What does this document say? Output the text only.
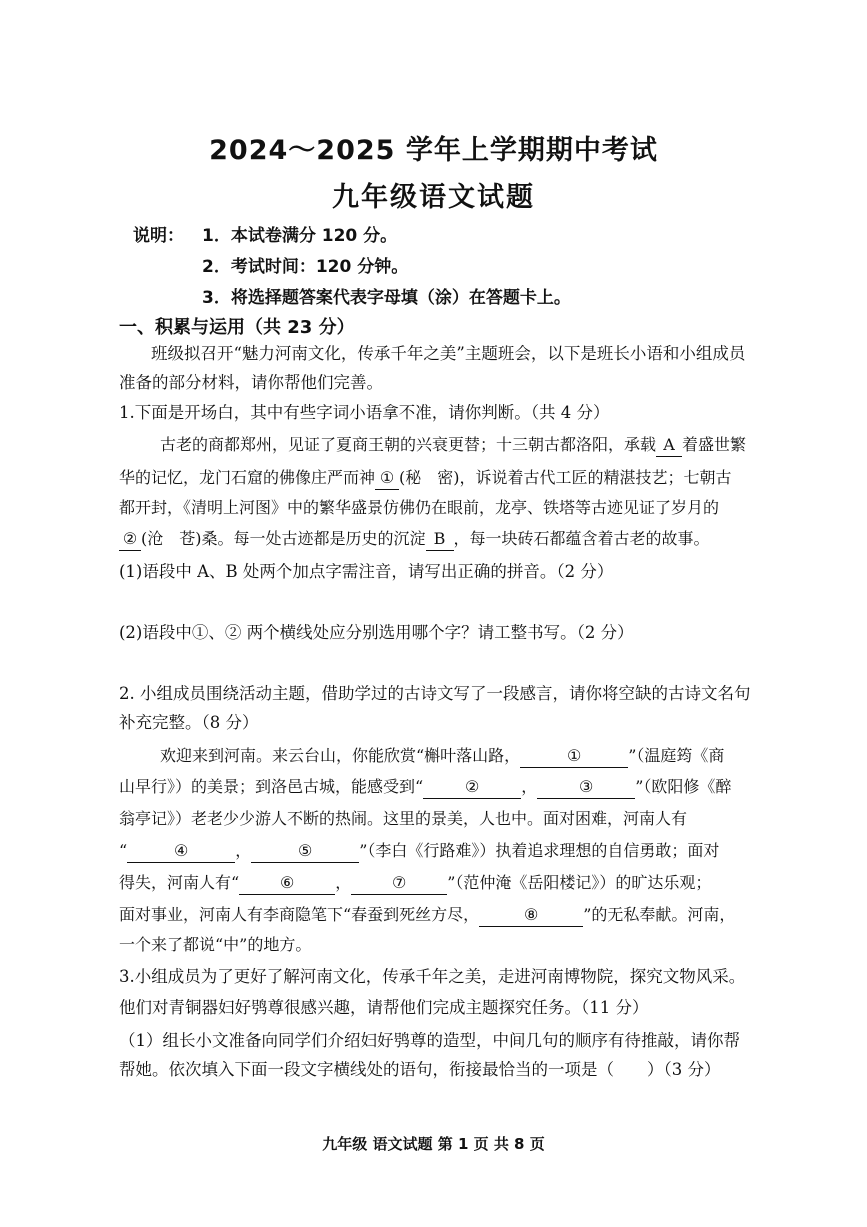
2024～2025 学年上学期期中考试
九年级语文试题
说明： 1．本试卷满分 120 分。
2．考试时间：120 分钟。
3．将选择题答案代表字母填（涂）在答题卡上。
一、积累与运用（共 23 分）
班级拟召开“魅力河南文化，传承千年之美”主题班会，以下是班长小语和小组成员
准备的部分材料，请你帮他们完善。
1.下面是开场白，其中有些字词小语拿不准，请你判断。（共 4 分）
古老的商都郑州，见证了夏商王朝的兴衰更替；十三朝古都洛阳，承载 A 着盛世繁
华的记忆，龙门石窟的佛像庄严而神 ① (秘　密)，诉说着古代工匠的精湛技艺；七朝古
都开封，《清明上河图》中的繁华盛景仿佛仍在眼前，龙亭、铁塔等古迹见证了岁月的
② (沧　苍)桑。每一处古迹都是历史的沉淀 B ，每一块砖石都蕴含着古老的故事。
(1)语段中 A、B 处两个加点字需注音，请写出正确的拼音。（2 分）
(2)语段中①、② 两个横线处应分别选用哪个字？请工整书写。（2 分）
2. 小组成员围绕活动主题，借助学过的古诗文写了一段感言，请你将空缺的古诗文名句
补充完整。（8 分）
欢迎来到河南。来云台山，你能欣赏“槲叶落山路，	①	”（温庭筠《商
山早行》）的美景；到洛邑古城，能感受到“	②	，	③	”（欧阳修《醉
翁亭记》）老老少少游人不断的热闹。这里的景美，人也中。面对困难，河南人有
“	④	，	⑤	”（李白《行路难》）执着追求理想的自信勇敢；面对
得失，河南人有“	⑥	，	⑦	”（范仲淹《岳阳楼记》）的旷达乐观；
面对事业，河南人有李商隐笔下“春蚕到死丝方尽，	⑧	”的无私奉献。河南，
一个来了都说“中”的地方。
3.小组成员为了更好了解河南文化，传承千年之美，走进河南博物院，探究文物风采。
他们对青铜器妇好鸮尊很感兴趣，请帮他们完成主题探究任务。（11 分）
（1）组长小文准备向同学们介绍妇好鸮尊的造型，中间几句的顺序有待推敲，请你帮
帮她。依次填入下面一段文字横线处的语句，衔接最恰当的一项是（　　）（3 分）
九年级 语文试题 第 1 页 共 8 页
